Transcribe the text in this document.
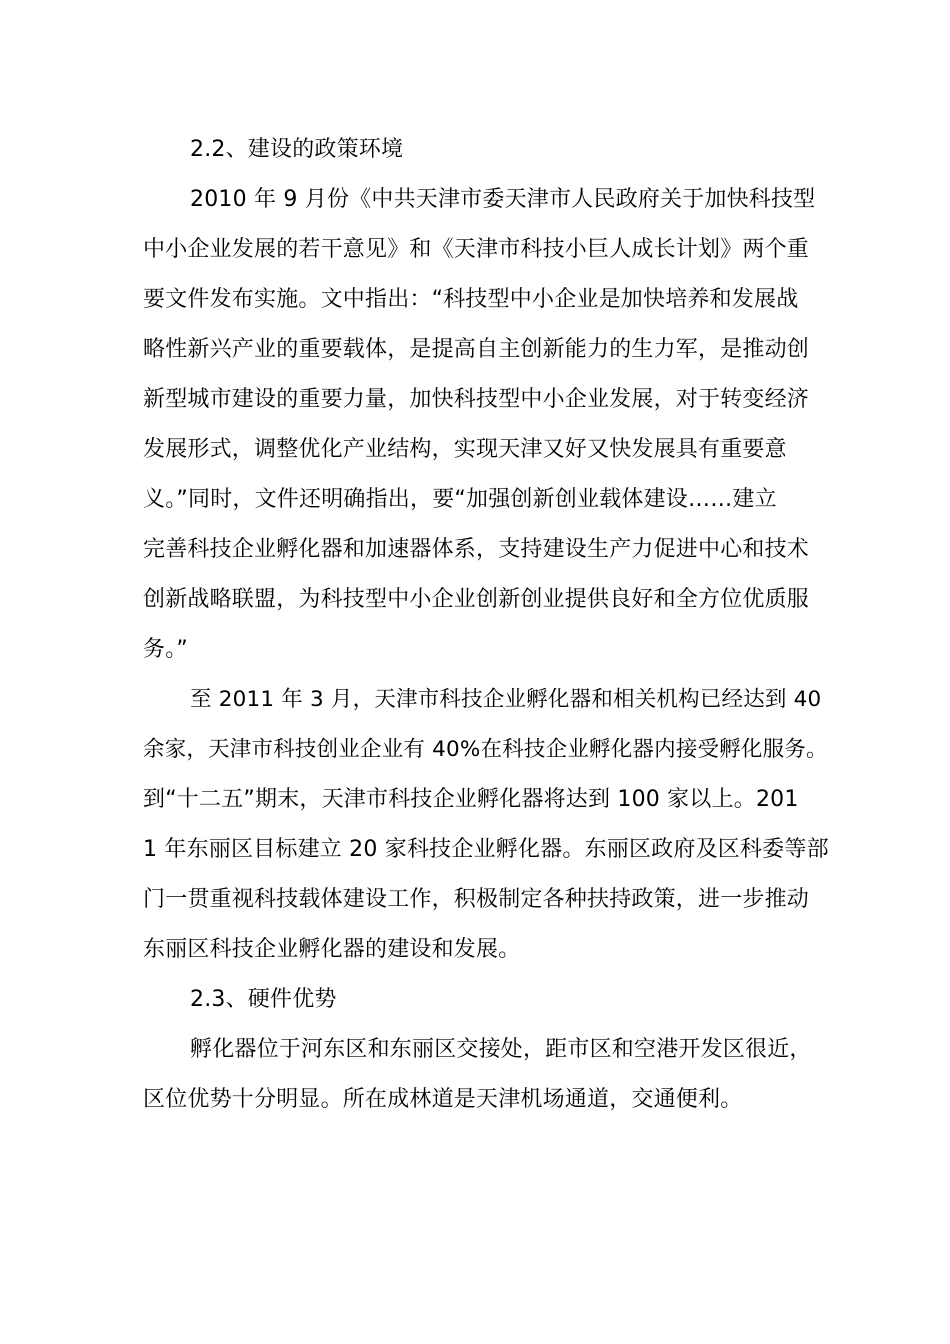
2.2、建设的政策环境
2010 年 9 月份《中共天津市委天津市人民政府关于加快科技型
中小企业发展的若干意见》和《天津市科技小巨人成长计划》两个重
要文件发布实施。文中指出：“科技型中小企业是加快培养和发展战
略性新兴产业的重要载体，是提高自主创新能力的生力军，是推动创
新型城市建设的重要力量，加快科技型中小企业发展，对于转变经济
发展形式，调整优化产业结构，实现天津又好又快发展具有重要意
义。”同时，文件还明确指出，要“加强创新创业载体建设……建立
完善科技企业孵化器和加速器体系，支持建设生产力促进中心和技术
创新战略联盟，为科技型中小企业创新创业提供良好和全方位优质服
务。”
至 2011 年 3 月，天津市科技企业孵化器和相关机构已经达到 40
余家，天津市科技创业企业有 40%在科技企业孵化器内接受孵化服务。
到“十二五”期末，天津市科技企业孵化器将达到 100 家以上。201
1 年东丽区目标建立 20 家科技企业孵化器。东丽区政府及区科委等部
门一贯重视科技载体建设工作，积极制定各种扶持政策，进一步推动
东丽区科技企业孵化器的建设和发展。
2.3、硬件优势
孵化器位于河东区和东丽区交接处，距市区和空港开发区很近，
区位优势十分明显。所在成林道是天津机场通道，交通便利。
